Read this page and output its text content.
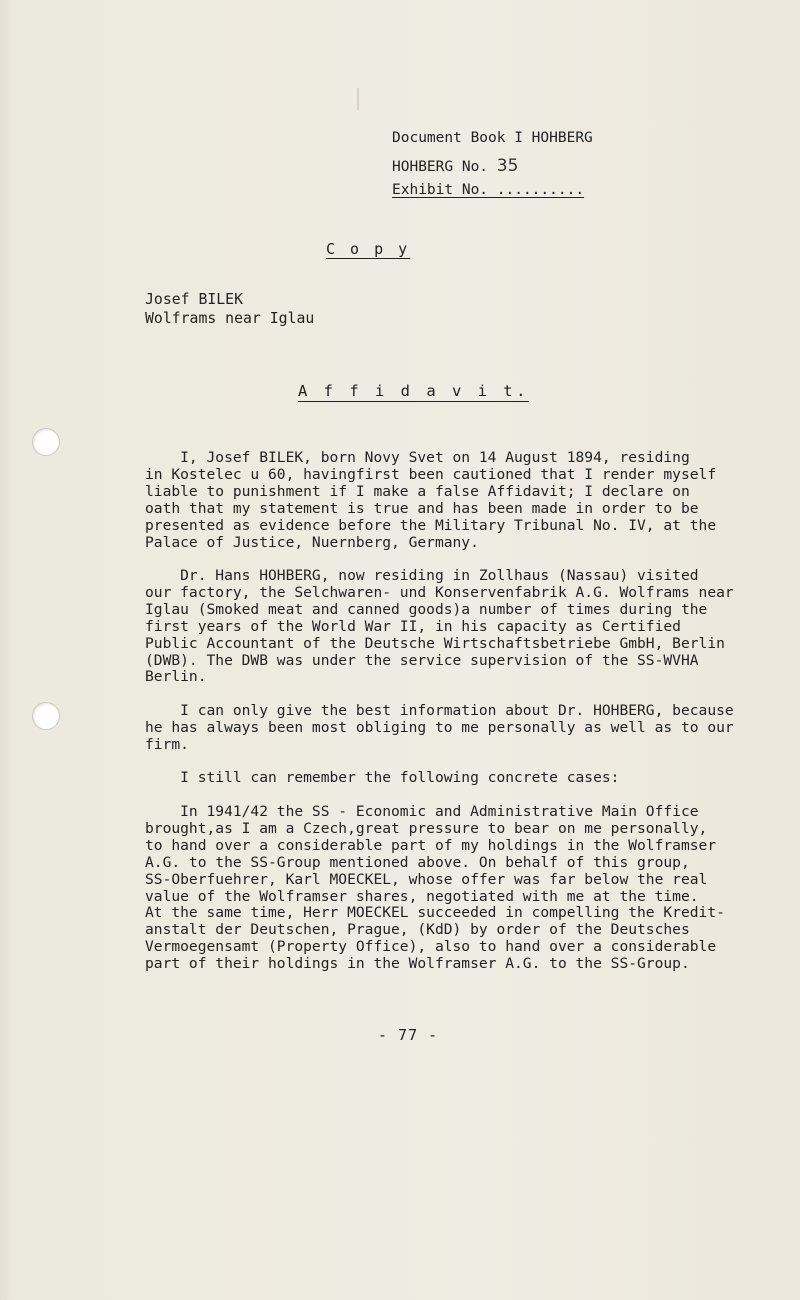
Document Book I HOHBERG
HOHBERG No. 35
Exhibit No. ..........
C o p y
Josef BILEK
Wolframs near Iglau
A f f i d a v i t.
I, Josef BILEK, born Novy Svet on 14 August 1894, residing
in Kostelec u 60, havingfirst been cautioned that I render myself
liable to punishment if I make a false Affidavit; I declare on
oath that my statement is true and has been made in order to be
presented as evidence before the Military Tribunal No. IV, at the
Palace of Justice, Nuernberg, Germany.
Dr. Hans HOHBERG, now residing in Zollhaus (Nassau) visited
our factory, the Selchwaren- und Konservenfabrik A.G. Wolframs near
Iglau (Smoked meat and canned goods)a number of times during the
first years of the World War II, in his capacity as Certified
Public Accountant of the Deutsche Wirtschaftsbetriebe GmbH, Berlin
(DWB). The DWB was under the service supervision of the SS-WVHA
Berlin.
I can only give the best information about Dr. HOHBERG, because
he has always been most obliging to me personally as well as to our
firm.
I still can remember the following concrete cases:
In 1941/42 the SS - Economic and Administrative Main Office
brought,as I am a Czech,great pressure to bear on me personally,
to hand over a considerable part of my holdings in the Wolframser
A.G. to the SS-Group mentioned above. On behalf of this group,
SS-Oberfuehrer, Karl MOECKEL, whose offer was far below the real
value of the Wolframser shares, negotiated with me at the time.
At the same time, Herr MOECKEL succeeded in compelling the Kredit-
anstalt der Deutschen, Prague, (KdD) by order of the Deutsches
Vermoegensamt (Property Office), also to hand over a considerable
part of their holdings in the Wolframser A.G. to the SS-Group.
- 77 -
